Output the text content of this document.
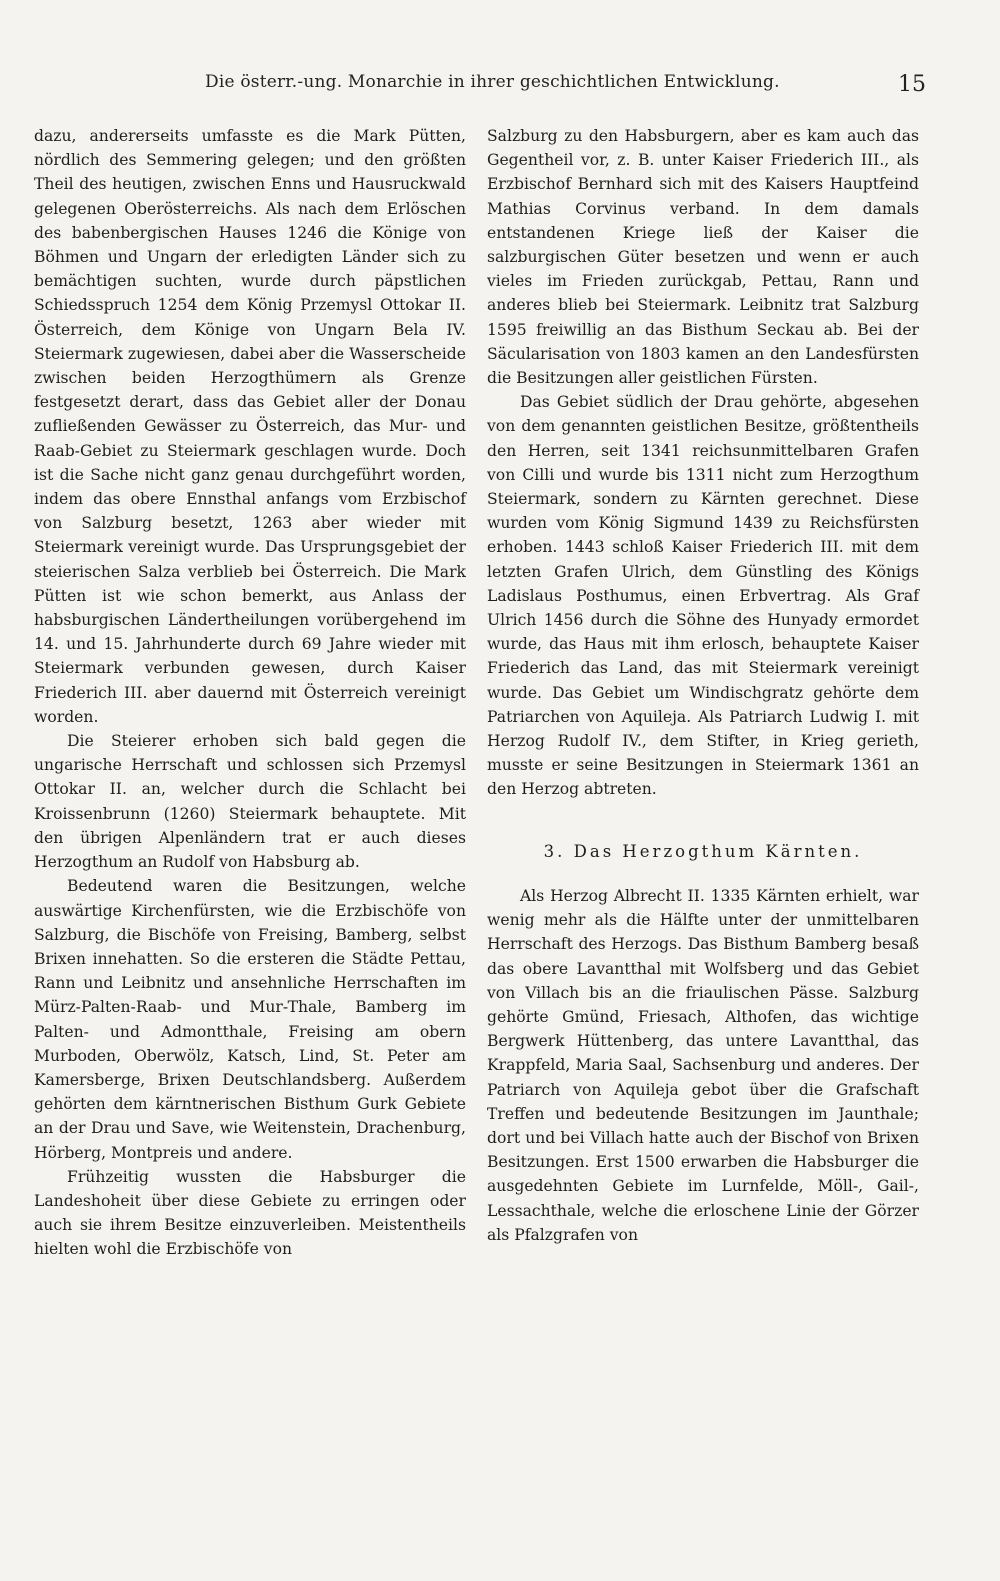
Die österr.-ung. Monarchie in ihrer geschichtlichen Entwicklung.	15

dazu, andererseits umfasste es die Mark Pütten, nördlich des Semmering gelegen; und den größten Theil des heutigen, zwischen Enns und Hausruckwald gelegenen Oberösterreichs. Als nach dem Erlöschen des babenbergischen Hauses 1246 die Könige von Böhmen und Ungarn der erledigten Länder sich zu bemächtigen suchten, wurde durch päpstlichen Schiedsspruch 1254 dem König Przemysl Ottokar II. Österreich, dem Könige von Ungarn Bela IV. Steiermark zugewiesen, dabei aber die Wasserscheide zwischen beiden Herzogthümern als Grenze festgesetzt derart, dass das Gebiet aller der Donau zufließenden Gewässer zu Österreich, das Mur- und Raab-Gebiet zu Steiermark geschlagen wurde. Doch ist die Sache nicht ganz genau durchgeführt worden, indem das obere Ennsthal anfangs vom Erzbischof von Salzburg besetzt, 1263 aber wieder mit Steiermark vereinigt wurde. Das Ursprungsgebiet der steierischen Salza verblieb bei Österreich. Die Mark Pütten ist wie schon bemerkt, aus Anlass der habsburgischen Ländertheilungen vorübergehend im 14. und 15. Jahrhunderte durch 69 Jahre wieder mit Steiermark verbunden gewesen, durch Kaiser Friederich III. aber dauernd mit Österreich vereinigt worden.

Die Steierer erhoben sich bald gegen die ungarische Herrschaft und schlossen sich Przemysl Ottokar II. an, welcher durch die Schlacht bei Kroissenbrunn (1260) Steiermark behauptete. Mit den übrigen Alpenländern trat er auch dieses Herzogthum an Rudolf von Habsburg ab.

Bedeutend waren die Besitzungen, welche auswärtige Kirchenfürsten, wie die Erzbischöfe von Salzburg, die Bischöfe von Freising, Bamberg, selbst Brixen innehatten. So die ersteren die Städte Pettau, Rann und Leibnitz und ansehnliche Herrschaften im Mürz-Palten-Raab- und Mur-Thale, Bamberg im Palten- und Admontthale, Freising am obern Murboden, Oberwölz, Katsch, Lind, St. Peter am Kamersberge, Brixen Deutschlandsberg. Außerdem gehörten dem kärntnerischen Bisthum Gurk Gebiete an der Drau und Save, wie Weitenstein, Drachenburg, Hörberg, Montpreis und andere.

Frühzeitig wussten die Habsburger die Landeshoheit über diese Gebiete zu erringen oder auch sie ihrem Besitze einzuverleiben. Meistentheils hielten wohl die Erzbischöfe von

Salzburg zu den Habsburgern, aber es kam auch das Gegentheil vor, z. B. unter Kaiser Friederich III., als Erzbischof Bernhard sich mit des Kaisers Hauptfeind Mathias Corvinus verband. In dem damals entstandenen Kriege ließ der Kaiser die salzburgischen Güter besetzen und wenn er auch vieles im Frieden zurückgab, Pettau, Rann und anderes blieb bei Steiermark. Leibnitz trat Salzburg 1595 freiwillig an das Bisthum Seckau ab. Bei der Säcularisation von 1803 kamen an den Landesfürsten die Besitzungen aller geistlichen Fürsten.

Das Gebiet südlich der Drau gehörte, abgesehen von dem genannten geistlichen Besitze, größtentheils den Herren, seit 1341 reichsunmittelbaren Grafen von Cilli und wurde bis 1311 nicht zum Herzogthum Steiermark, sondern zu Kärnten gerechnet. Diese wurden vom König Sigmund 1439 zu Reichsfürsten erhoben. 1443 schloß Kaiser Friederich III. mit dem letzten Grafen Ulrich, dem Günstling des Königs Ladislaus Posthumus, einen Erbvertrag. Als Graf Ulrich 1456 durch die Söhne des Hunyady ermordet wurde, das Haus mit ihm erlosch, behauptete Kaiser Friederich das Land, das mit Steiermark vereinigt wurde. Das Gebiet um Windischgratz gehörte dem Patriarchen von Aquileja. Als Patriarch Ludwig I. mit Herzog Rudolf IV., dem Stifter, in Krieg gerieth, musste er seine Besitzungen in Steiermark 1361 an den Herzog abtreten.

3. Das Herzogthum Kärnten.

Als Herzog Albrecht II. 1335 Kärnten erhielt, war wenig mehr als die Hälfte unter der unmittelbaren Herrschaft des Herzogs. Das Bisthum Bamberg besaß das obere Lavantthal mit Wolfsberg und das Gebiet von Villach bis an die friaulischen Pässe. Salzburg gehörte Gmünd, Friesach, Althofen, das wichtige Bergwerk Hüttenberg, das untere Lavantthal, das Krappfeld, Maria Saal, Sachsenburg und anderes. Der Patriarch von Aquileja gebot über die Grafschaft Treffen und bedeutende Besitzungen im Jaunthale; dort und bei Villach hatte auch der Bischof von Brixen Besitzungen. Erst 1500 erwarben die Habsburger die ausgedehnten Gebiete im Lurnfelde, Möll-, Gail-, Lessachthale, welche die erloschene Linie der Görzer als Pfalzgrafen von
